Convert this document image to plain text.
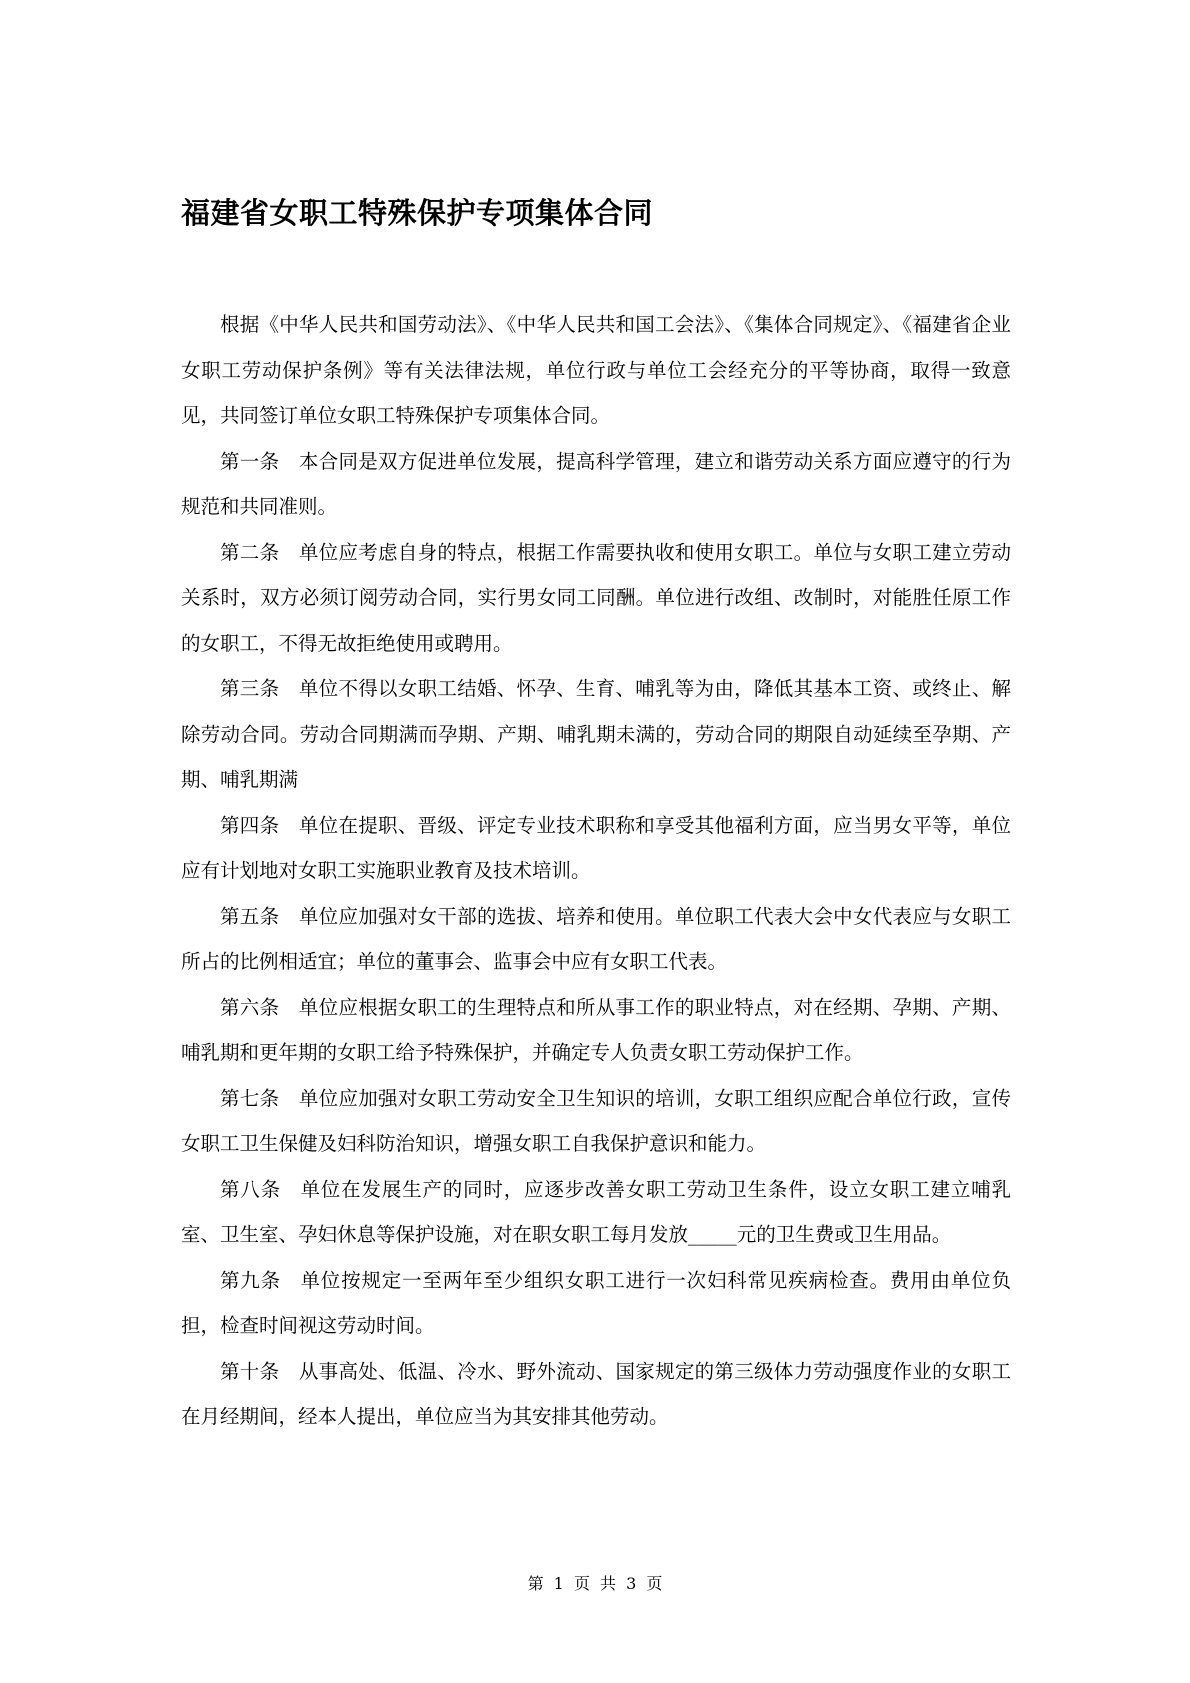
福建省女职工特殊保护专项集体合同

根据《中华人民共和国劳动法》、《中华人民共和国工会法》、《集体合同规定》、《福建省企业女职工劳动保护条例》等有关法律法规，单位行政与单位工会经充分的平等协商，取得一致意见，共同签订单位女职工特殊保护专项集体合同。

第一条 本合同是双方促进单位发展，提高科学管理，建立和谐劳动关系方面应遵守的行为规范和共同准则。

第二条 单位应考虑自身的特点，根据工作需要执收和使用女职工。单位与女职工建立劳动关系时，双方必须订阅劳动合同，实行男女同工同酬。单位进行改组、改制时，对能胜任原工作的女职工，不得无故拒绝使用或聘用。

第三条 单位不得以女职工结婚、怀孕、生育、哺乳等为由，降低其基本工资、或终止、解除劳动合同。劳动合同期满而孕期、产期、哺乳期未满的，劳动合同的期限自动延续至孕期、产期、哺乳期满

第四条 单位在提职、晋级、评定专业技术职称和享受其他福利方面，应当男女平等，单位应有计划地对女职工实施职业教育及技术培训。

第五条 单位应加强对女干部的选拔、培养和使用。单位职工代表大会中女代表应与女职工所占的比例相适宜；单位的董事会、监事会中应有女职工代表。

第六条 单位应根据女职工的生理特点和所从事工作的职业特点，对在经期、孕期、产期、哺乳期和更年期的女职工给予特殊保护，并确定专人负责女职工劳动保护工作。

第七条 单位应加强对女职工劳动安全卫生知识的培训，女职工组织应配合单位行政，宣传女职工卫生保健及妇科防治知识，增强女职工自我保护意识和能力。

第八条 单位在发展生产的同时，应逐步改善女职工劳动卫生条件，设立女职工建立哺乳室、卫生室、孕妇休息等保护设施，对在职女职工每月发放_____元的卫生费或卫生用品。

第九条 单位按规定一至两年至少组织女职工进行一次妇科常见疾病检查。费用由单位负担，检查时间视这劳动时间。

第十条 从事高处、低温、冷水、野外流动、国家规定的第三级体力劳动强度作业的女职工在月经期间，经本人提出，单位应当为其安排其他劳动。

第 1 页 共 3 页
